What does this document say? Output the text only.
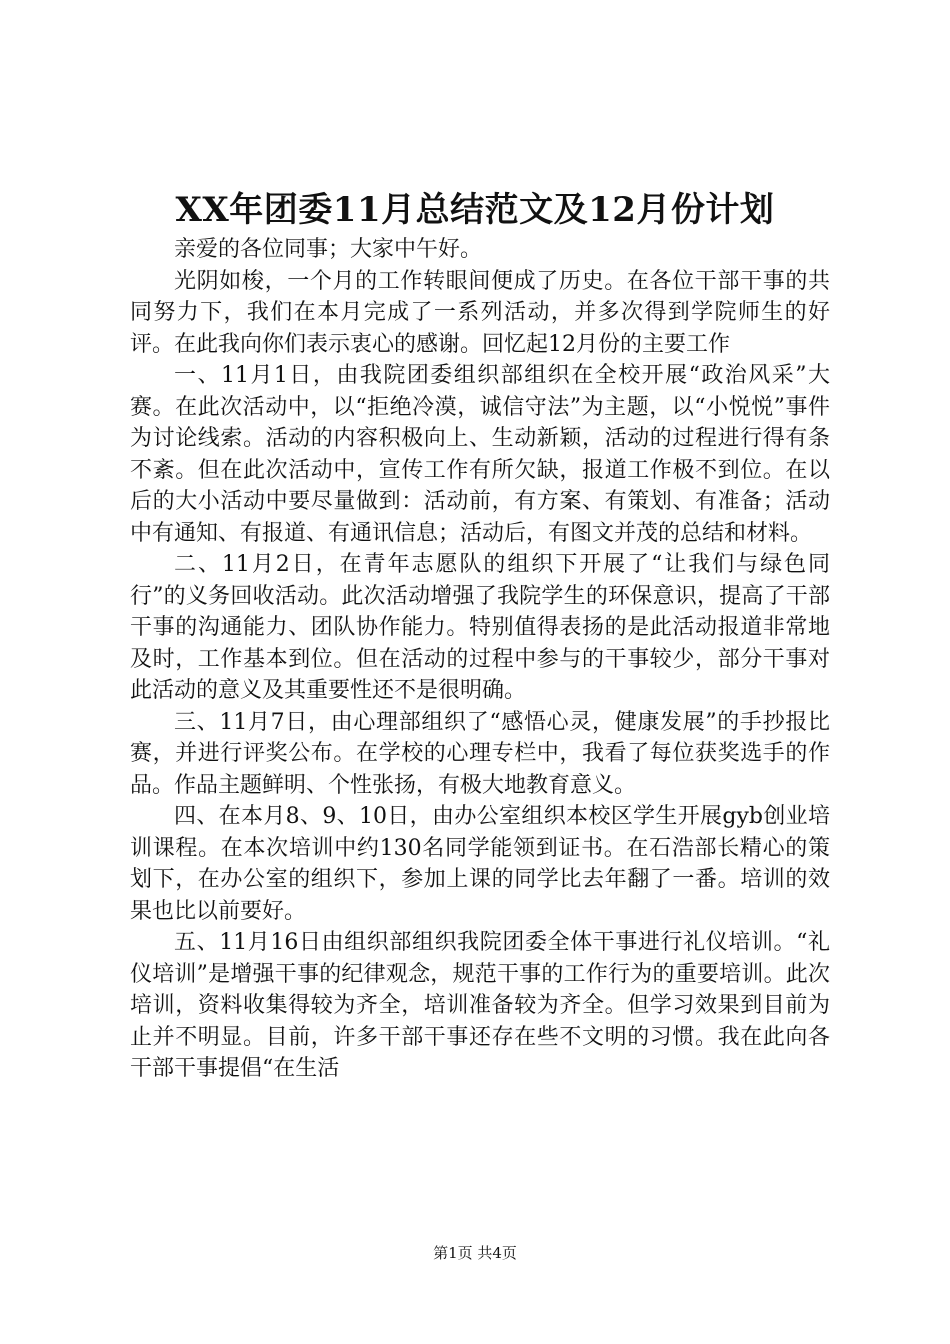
XX年团委11月总结范文及12月份计划

亲爱的各位同事；大家中午好。

光阴如梭，一个月的工作转眼间便成了历史。在各位干部干事的共同努力下，我们在本月完成了一系列活动，并多次得到学院师生的好评。在此我向你们表示衷心的感谢。回忆起12月份的主要工作

一、11月1日，由我院团委组织部组织在全校开展“政治风采”大赛。在此次活动中，以“拒绝冷漠，诚信守法”为主题，以“小悦悦”事件为讨论线索。活动的内容积极向上、生动新颖，活动的过程进行得有条不紊。但在此次活动中，宣传工作有所欠缺，报道工作极不到位。在以后的大小活动中要尽量做到：活动前，有方案、有策划、有准备；活动中有通知、有报道、有通讯信息；活动后，有图文并茂的总结和材料。

二、11月2日，在青年志愿队的组织下开展了“让我们与绿色同行”的义务回收活动。此次活动增强了我院学生的环保意识，提高了干部干事的沟通能力、团队协作能力。特别值得表扬的是此活动报道非常地及时，工作基本到位。但在活动的过程中参与的干事较少，部分干事对此活动的意义及其重要性还不是很明确。

三、11月7日，由心理部组织了“感悟心灵，健康发展”的手抄报比赛，并进行评奖公布。在学校的心理专栏中，我看了每位获奖选手的作品。作品主题鲜明、个性张扬，有极大地教育意义。

四、在本月8、9、10日，由办公室组织本校区学生开展gyb创业培训课程。在本次培训中约130名同学能领到证书。在石浩部长精心的策划下，在办公室的组织下，参加上课的同学比去年翻了一番。培训的效果也比以前要好。

五、11月16日由组织部组织我院团委全体干事进行礼仪培训。“礼仪培训”是增强干事的纪律观念，规范干事的工作行为的重要培训。此次培训，资料收集得较为齐全，培训准备较为齐全。但学习效果到目前为止并不明显。目前，许多干部干事还存在些不文明的习惯。我在此向各干部干事提倡“在生活

第1页 共4页
